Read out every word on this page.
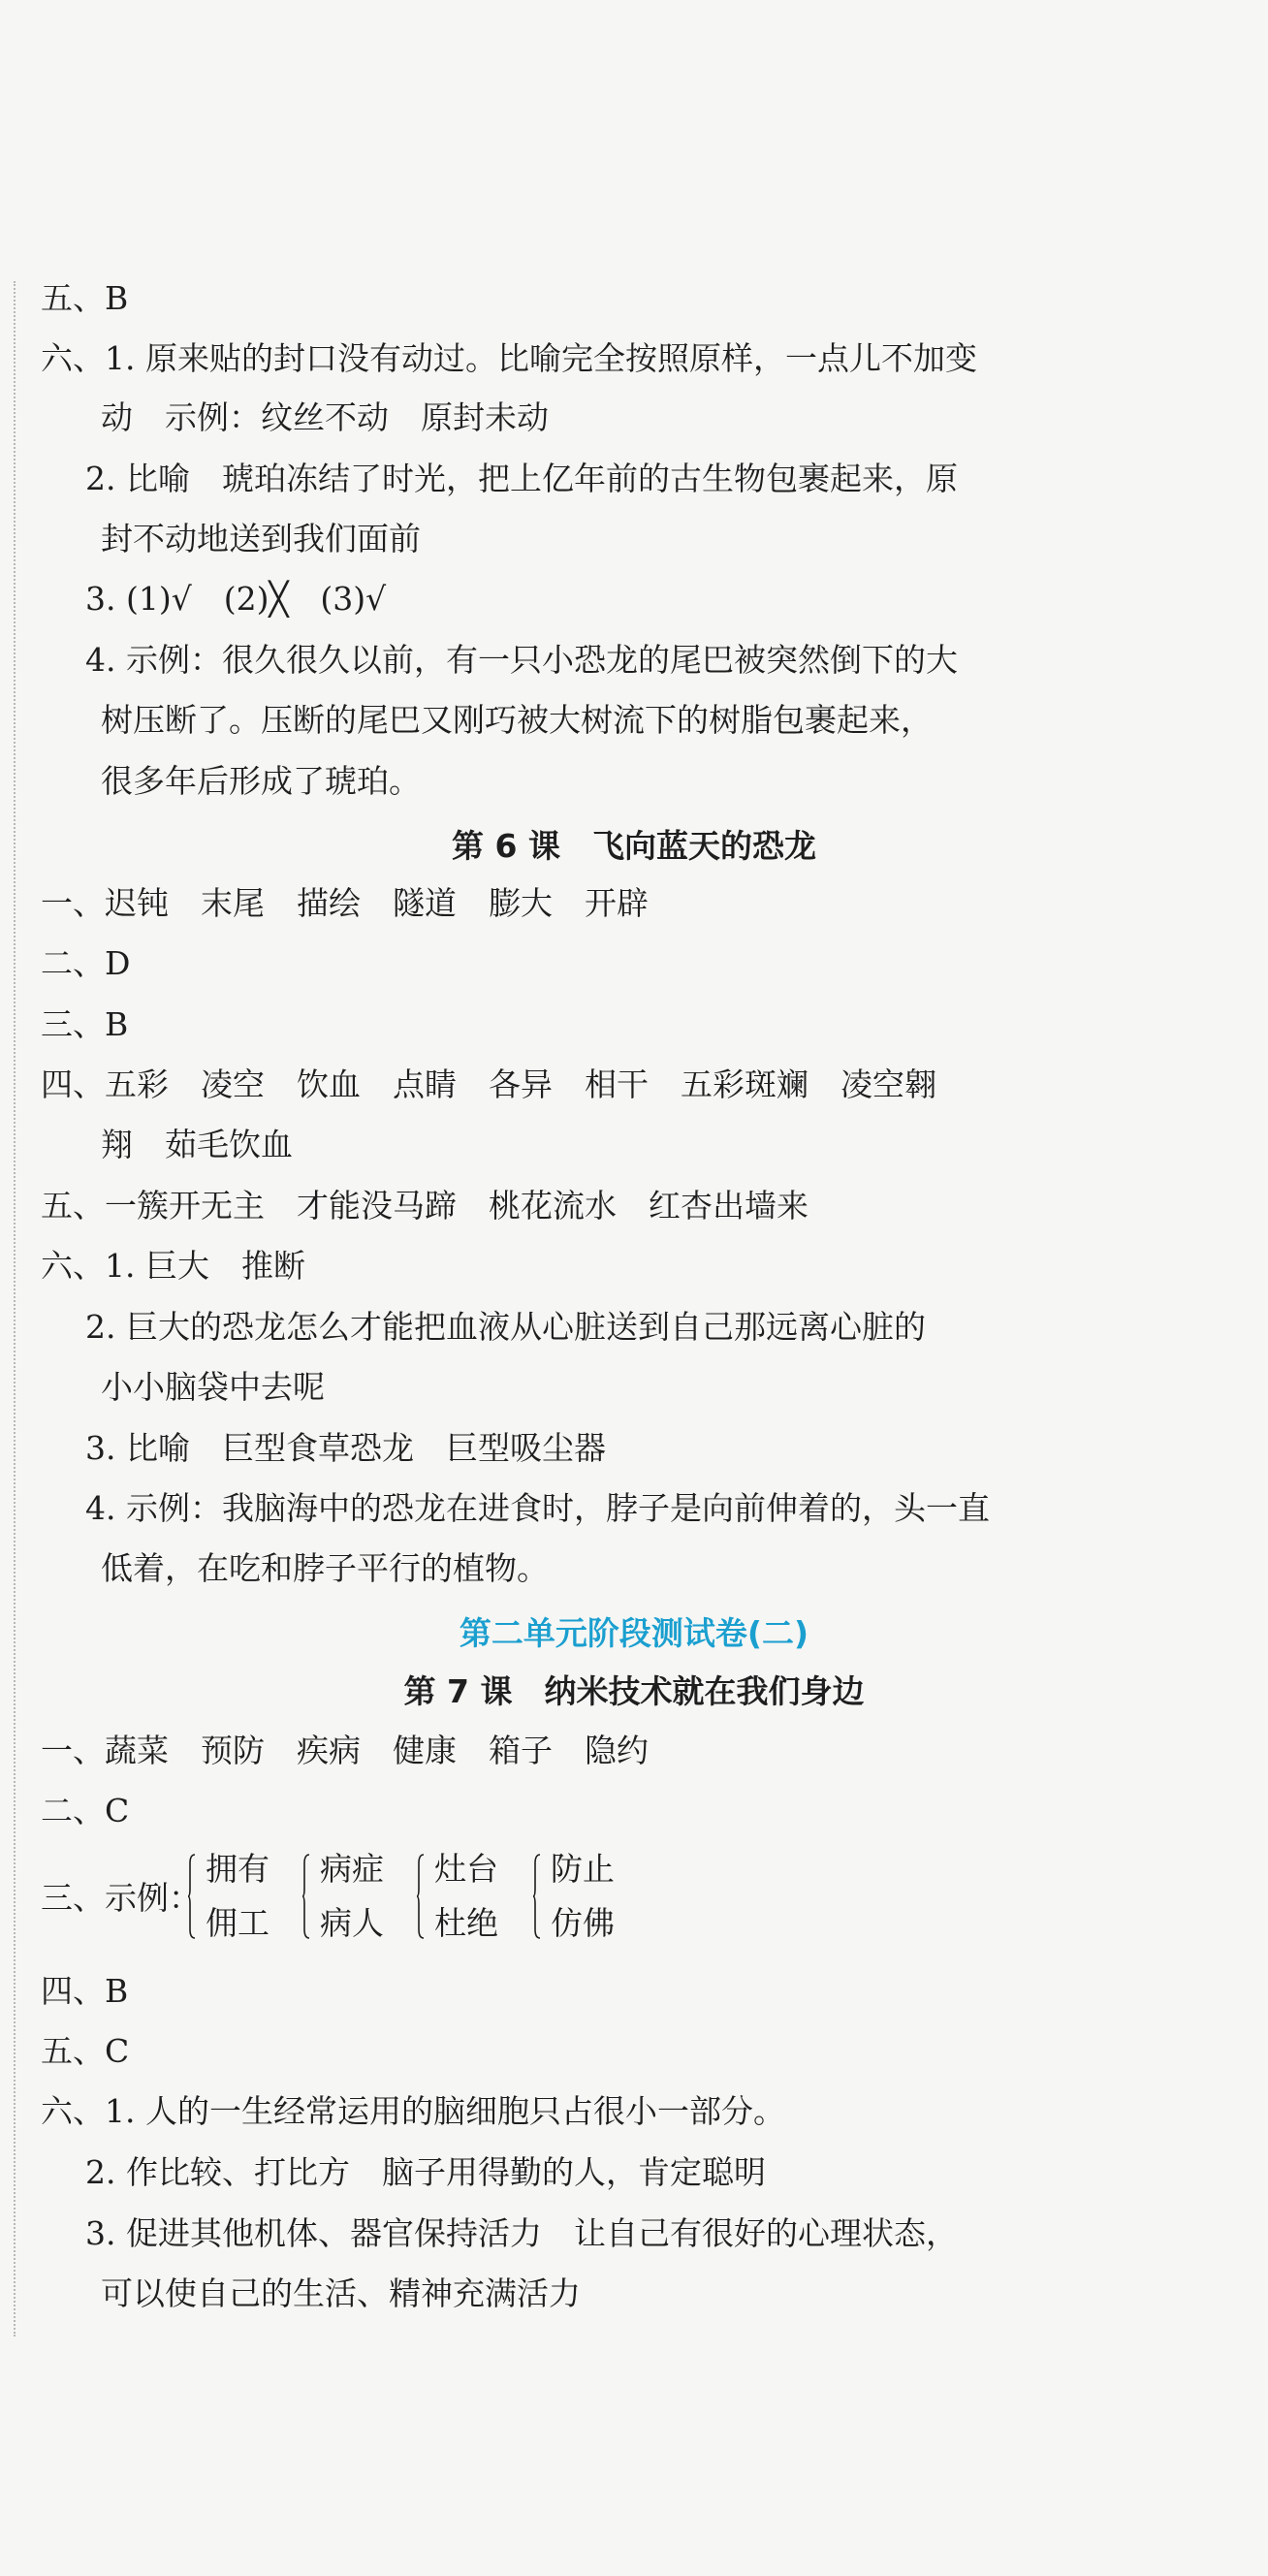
五、B
六、1. 原来贴的封口没有动过。比喻完全按照原样，一点儿不加变
动　示例：纹丝不动　原封未动
2. 比喻　琥珀冻结了时光，把上亿年前的古生物包裹起来，原
封不动地送到我们面前
3. (1)√　(2)╳　(3)√
4. 示例：很久很久以前，有一只小恐龙的尾巴被突然倒下的大
树压断了。压断的尾巴又刚巧被大树流下的树脂包裹起来，
很多年后形成了琥珀。
第 6 课　飞向蓝天的恐龙
一、迟钝　末尾　描绘　隧道　膨大　开辟
二、D
三、B
四、五彩　凌空　饮血　点睛　各异　相干　五彩斑斓　凌空翱
翔　茹毛饮血
五、一簇开无主　才能没马蹄　桃花流水　红杏出墙来
六、1. 巨大　推断
2. 巨大的恐龙怎么才能把血液从心脏送到自己那远离心脏的
小小脑袋中去呢
3. 比喻　巨型食草恐龙　巨型吸尘器
4. 示例：我脑海中的恐龙在进食时，脖子是向前伸着的，头一直
低着，在吃和脖子平行的植物。
第二单元阶段测试卷(二)
第 7 课　纳米技术就在我们身边
一、蔬菜　预防　疾病　健康　箱子　隐约
二、C
三、示例：
拥有
佣工
病症
病人
灶台
杜绝
防止
仿佛
四、B
五、C
六、1. 人的一生经常运用的脑细胞只占很小一部分。
2. 作比较、打比方　脑子用得勤的人，肯定聪明
3. 促进其他机体、器官保持活力　让自己有很好的心理状态，
可以使自己的生活、精神充满活力
